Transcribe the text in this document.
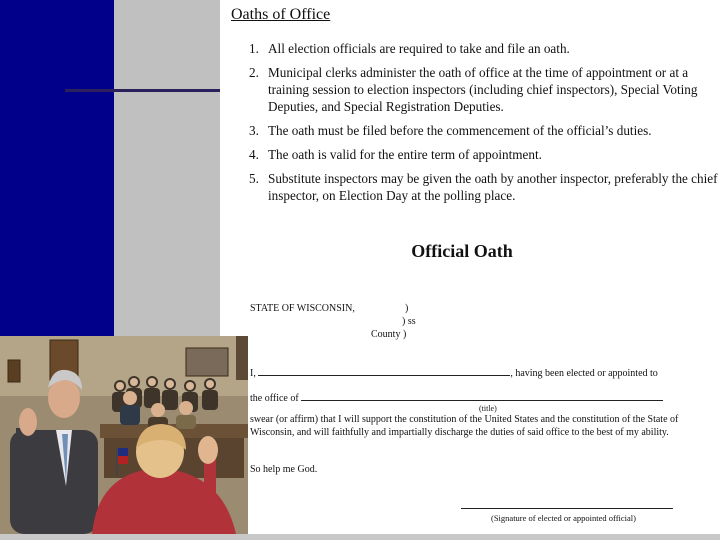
Oaths of Office
1. All election officials are required to take and file an oath.
2. Municipal clerks administer the oath of office at the time of appointment or at a training session to election inspectors (including chief inspectors), Special Voting Deputies, and Special Registration Deputies.
3. The oath must be filed before the commencement of the official’s duties.
4. The oath is valid for the entire term of appointment.
5. Substitute inspectors may be given the oath by another inspector, preferably the chief inspector, on Election Day at the polling place.
Official Oath
STATE OF WISCONSIN,	)
) ss
County )
I,	, having been elected or appointed to
the office of
(title)
swear (or affirm) that I will support the constitution of the United States and the constitution of the State of Wisconsin, and will faithfully and impartially discharge the duties of said office to the best of my ability.
So help me God.
(Signature of elected or appointed official)
